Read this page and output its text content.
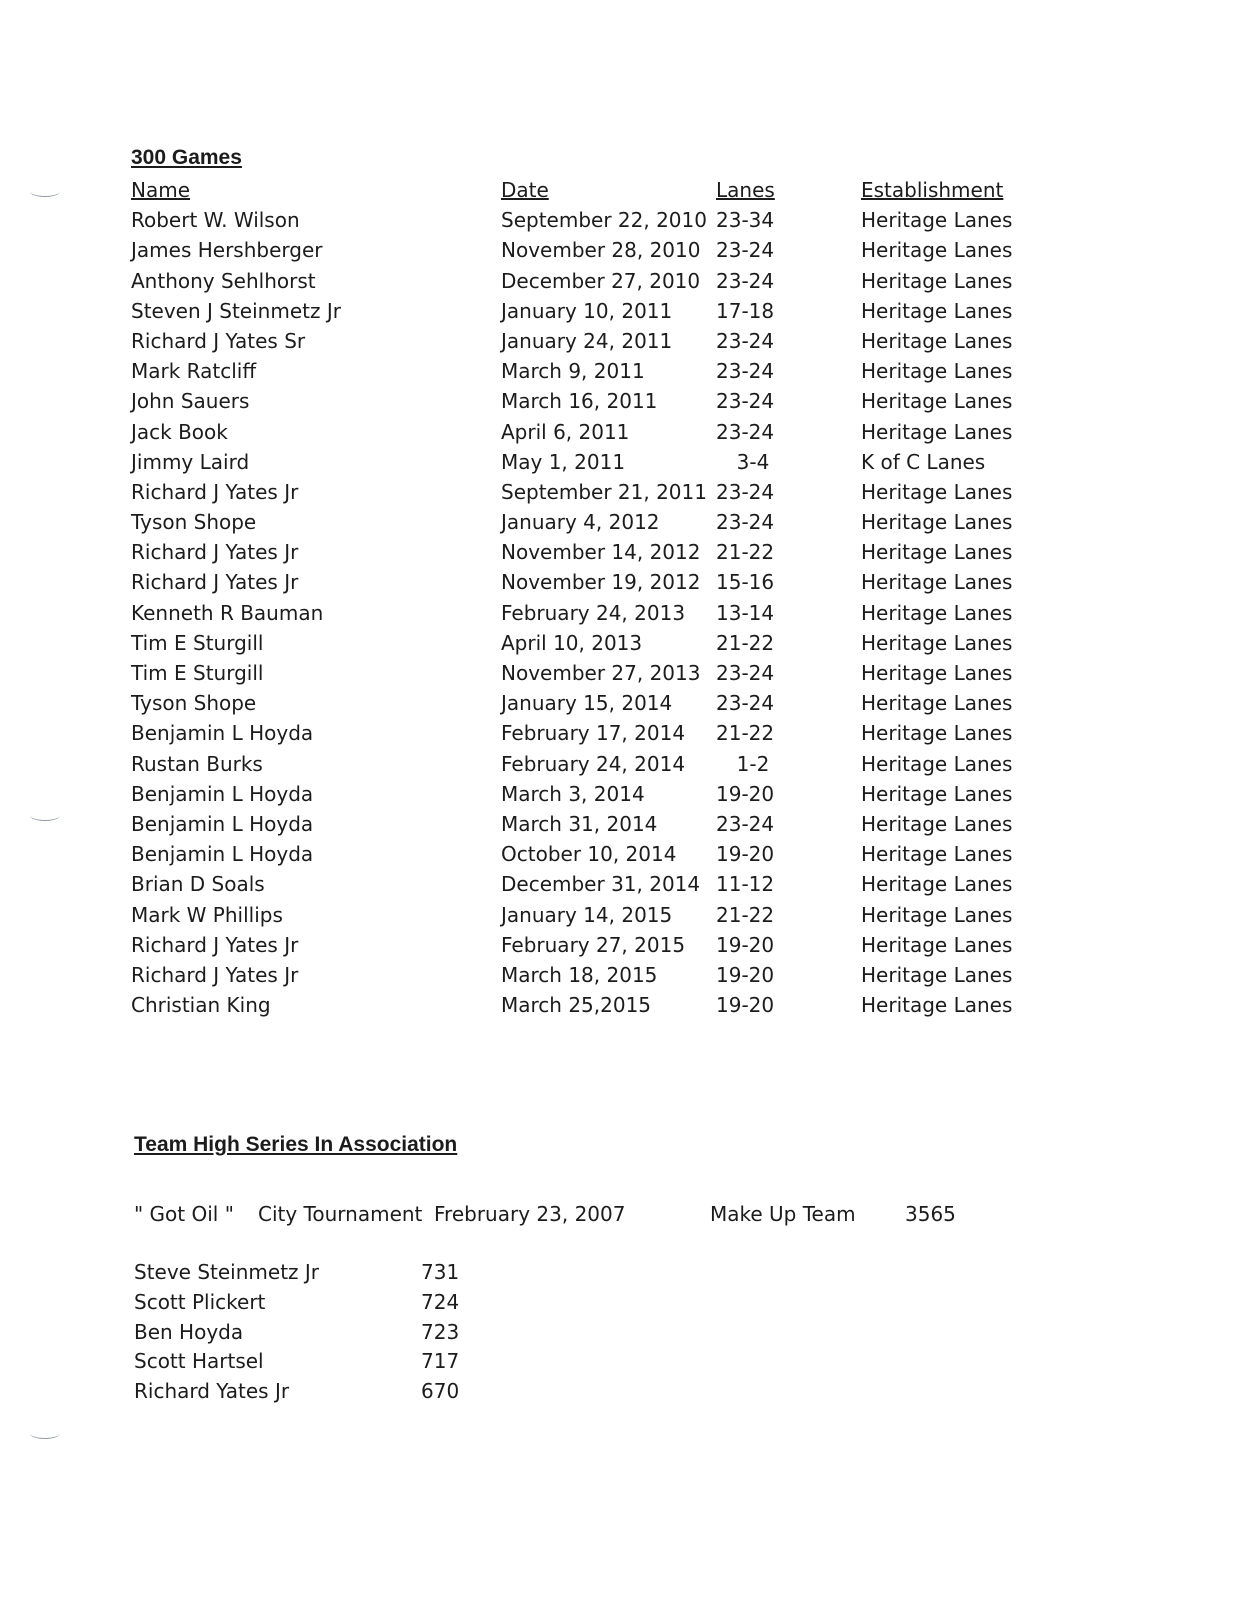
300 Games
Name	Date	Lanes	Establishment
Robert W. Wilson	September 22, 2010 23-34	Heritage Lanes
James Hershberger	November 28, 2010 23-24	Heritage Lanes
Anthony Sehlhorst	December 27, 2010 23-24	Heritage Lanes
Steven J Steinmetz Jr	January 10, 2011 17-18	Heritage Lanes
Richard J Yates Sr	January 24, 2011 23-24	Heritage Lanes
Mark Ratcliff	March 9, 2011	23-24	Heritage Lanes
John Sauers	March 16, 2011	23-24	Heritage Lanes
Jack Book	April 6, 2011	23-24	Heritage Lanes
Jimmy Laird	May 1, 2011	3-4	K of C Lanes
Richard J Yates Jr	September 21, 2011 23-24	Heritage Lanes
Tyson Shope	January 4, 2012	23-24	Heritage Lanes
Richard J Yates Jr	November 14, 2012 21-22	Heritage Lanes
Richard J Yates Jr	November 19, 2012 15-16	Heritage Lanes
Kenneth R Bauman	February 24, 2013 13-14	Heritage Lanes
Tim E Sturgill	April 10, 2013	21-22	Heritage Lanes
Tim E Sturgill	November 27, 2013 23-24	Heritage Lanes
Tyson Shope	January 15, 2014 23-24	Heritage Lanes
Benjamin L Hoyda	February 17, 2014 21-22	Heritage Lanes
Rustan Burks	February 24, 2014	1-2	Heritage Lanes
Benjamin L Hoyda	March 3, 2014	19-20	Heritage Lanes
Benjamin L Hoyda	March 31, 2014	23-24	Heritage Lanes
Benjamin L Hoyda	October 10, 2014 19-20	Heritage Lanes
Brian D Soals	December 31, 2014 11-12	Heritage Lanes
Mark W Phillips	January 14, 2015 21-22	Heritage Lanes
Richard J Yates Jr	February 27, 2015 19-20	Heritage Lanes
Richard J Yates Jr	March 18, 2015	19-20	Heritage Lanes
Christian King	March 25,2015	19-20	Heritage Lanes
Team High Series In Association
" Got Oil " City Tournament Frebruary 23, 2007	Make Up Team 3565
Steve Steinmetz Jr	731
Scott Plickert	724
Ben Hoyda	723
Scott Hartsel	717
Richard Yates Jr	670
